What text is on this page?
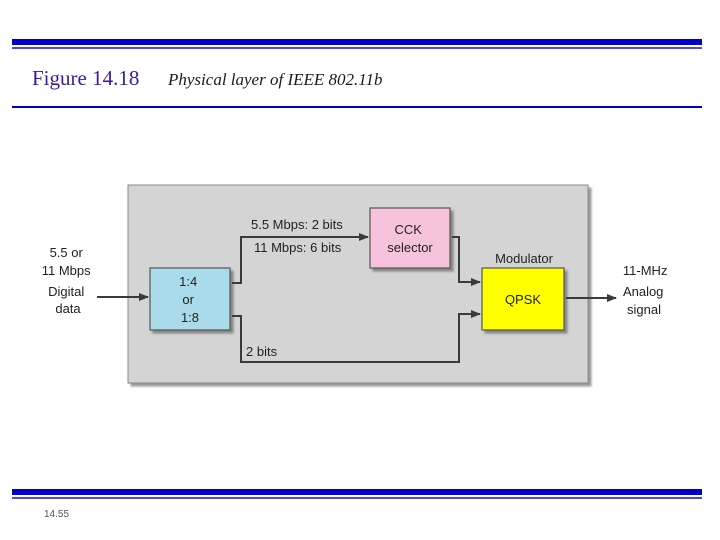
Figure 14.18 Physical layer of IEEE 802.11b
5.5 or 11 Mbps Digital data
1:4 or 1:8
5.5 Mbps: 2 bits 11 Mbps: 6 bits
2 bits
CCK selector
Modulator
QPSK
11-MHz Analog signal
14.55
